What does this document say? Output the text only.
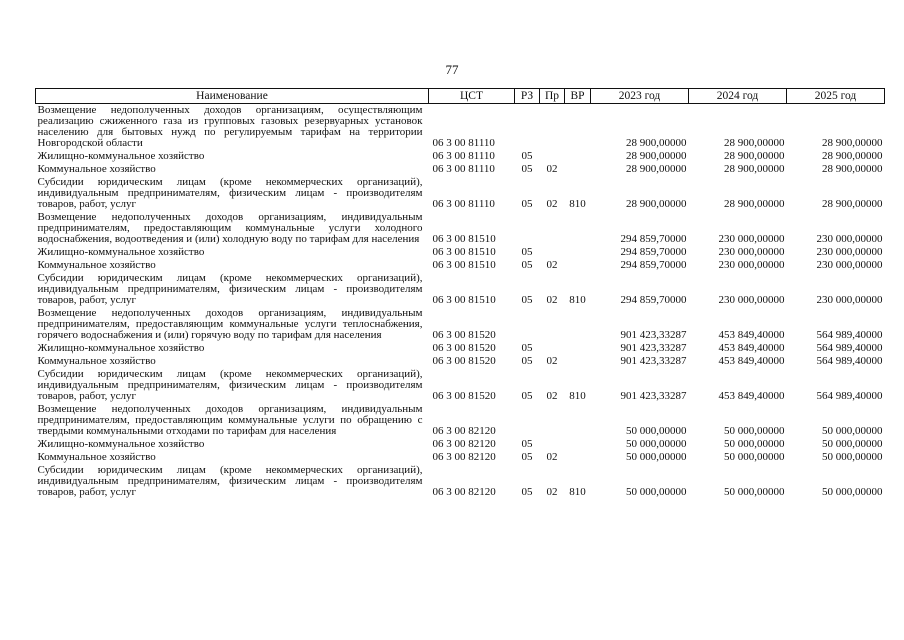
77
Наименование	ЦСТ	РЗ	Пр	ВР	2023 год	2024 год	2025 год
Возмещение недополученных доходов организациям, осуществляющим реализацию сжиженного газа из групповых газовых резервуарных установок населению для бытовых нужд по регулируемым тарифам на территории Новгородской области	06 3 00 81110				28 900,00000	28 900,00000	28 900,00000
Жилищно-коммунальное хозяйство	06 3 00 81110	05			28 900,00000	28 900,00000	28 900,00000
Коммунальное хозяйство	06 3 00 81110	05	02		28 900,00000	28 900,00000	28 900,00000
Субсидии юридическим лицам (кроме некоммерческих организаций), индивидуальным предпринимателям, физическим лицам - производителям товаров, работ, услуг	06 3 00 81110	05	02	810	28 900,00000	28 900,00000	28 900,00000
Возмещение недополученных доходов организациям, индивидуальным предпринимателям, предоставляющим коммунальные услуги холодного водоснабжения, водоотведения и (или) холодную воду по тарифам для населения	06 3 00 81510				294 859,70000	230 000,00000	230 000,00000
Жилищно-коммунальное хозяйство	06 3 00 81510	05			294 859,70000	230 000,00000	230 000,00000
Коммунальное хозяйство	06 3 00 81510	05	02		294 859,70000	230 000,00000	230 000,00000
Субсидии юридическим лицам (кроме некоммерческих организаций), индивидуальным предпринимателям, физическим лицам - производителям товаров, работ, услуг	06 3 00 81510	05	02	810	294 859,70000	230 000,00000	230 000,00000
Возмещение недополученных доходов организациям, индивидуальным предпринимателям, предоставляющим коммунальные услуги теплоснабжения, горячего водоснабжения и (или) горячую воду по тарифам для населения	06 3 00 81520				901 423,33287	453 849,40000	564 989,40000
Жилищно-коммунальное хозяйство	06 3 00 81520	05			901 423,33287	453 849,40000	564 989,40000
Коммунальное хозяйство	06 3 00 81520	05	02		901 423,33287	453 849,40000	564 989,40000
Субсидии юридическим лицам (кроме некоммерческих организаций), индивидуальным предпринимателям, физическим лицам - производителям товаров, работ, услуг	06 3 00 81520	05	02	810	901 423,33287	453 849,40000	564 989,40000
Возмещение недополученных доходов организациям, индивидуальным предпринимателям, предоставляющим коммунальные услуги по обращению с твердыми коммунальными отходами по тарифам для населения	06 3 00 82120				50 000,00000	50 000,00000	50 000,00000
Жилищно-коммунальное хозяйство	06 3 00 82120	05			50 000,00000	50 000,00000	50 000,00000
Коммунальное хозяйство	06 3 00 82120	05	02		50 000,00000	50 000,00000	50 000,00000
Субсидии юридическим лицам (кроме некоммерческих организаций), индивидуальным предпринимателям, физическим лицам - производителям товаров, работ, услуг	06 3 00 82120	05	02	810	50 000,00000	50 000,00000	50 000,00000
